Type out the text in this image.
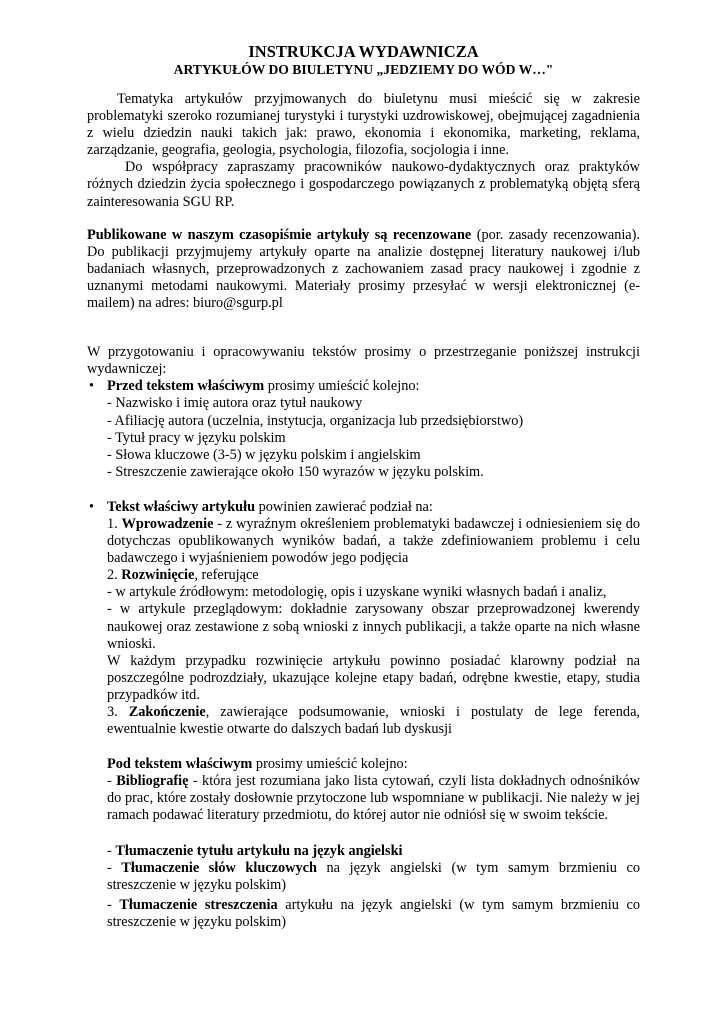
INSTRUKCJA WYDAWNICZA

ARTYKUŁÓW DO BIULETYNU „JEDZIEMY DO WÓD W…"

Tematyka artykułów przyjmowanych do biuletynu musi mieścić się w zakresie problematyki szeroko rozumianej turystyki i turystyki uzdrowiskowej, obejmującej zagadnienia z wielu dziedzin nauki takich jak: prawo, ekonomia i ekonomika, marketing, reklama, zarządzanie, geografia, geologia, psychologia, filozofia, socjologia i inne.

Do współpracy zapraszamy pracowników naukowo-dydaktycznych oraz praktyków różnych dziedzin życia społecznego i gospodarczego powiązanych z problematyką objętą sferą zainteresowania SGU RP.

Publikowane w naszym czasopiśmie artykuły są recenzowane (por. zasady recenzowania). Do publikacji przyjmujemy artykuły oparte na analizie dostępnej literatury naukowej i/lub badaniach własnych, przeprowadzonych z zachowaniem zasad pracy naukowej i zgodnie z uznanymi metodami naukowymi. Materiały prosimy przesyłać w wersji elektronicznej (e-mailem) na adres: biuro@sgurp.pl

W przygotowaniu i opracowywaniu tekstów prosimy o przestrzeganie poniższej instrukcji wydawniczej:

• Przed tekstem właściwym prosimy umieścić kolejno:

- Nazwisko i imię autora oraz tytuł naukowy

- Afiliację autora (uczelnia, instytucja, organizacja lub przedsiębiorstwo)

- Tytuł pracy w języku polskim

- Słowa kluczowe (3-5) w języku polskim i angielskim

- Streszczenie zawierające około 150 wyrazów w języku polskim.

• Tekst właściwy artykułu powinien zawierać podział na:

1. Wprowadzenie - z wyraźnym określeniem problematyki badawczej i odniesieniem się do dotychczas opublikowanych wyników badań, a także zdefiniowaniem problemu i celu badawczego i wyjaśnieniem powodów jego podjęcia

2. Rozwinięcie, referujące

- w artykule źródłowym: metodologię, opis i uzyskane wyniki własnych badań i analiz,

- w artykule przeglądowym: dokładnie zarysowany obszar przeprowadzonej kwerendy naukowej oraz zestawione z sobą wnioski z innych publikacji, a także oparte na nich własne wnioski.

W każdym przypadku rozwinięcie artykułu powinno posiadać klarowny podział na poszczególne podrozdziały, ukazujące kolejne etapy badań, odrębne kwestie, etapy, studia przypadków itd.

3. Zakończenie, zawierające podsumowanie, wnioski i postulaty de lege ferenda, ewentualnie kwestie otwarte do dalszych badań lub dyskusji

Pod tekstem właściwym prosimy umieścić kolejno:

- Bibliografię - która jest rozumiana jako lista cytowań, czyli lista dokładnych odnośników do prac, które zostały dosłownie przytoczone lub wspomniane w publikacji. Nie należy w jej ramach podawać literatury przedmiotu, do której autor nie odniósł się w swoim tekście.

- Tłumaczenie tytułu artykułu na język angielski

- Tłumaczenie słów kluczowych na język angielski (w tym samym brzmieniu co streszczenie w języku polskim)

- Tłumaczenie streszczenia artykułu na język angielski (w tym samym brzmieniu co streszczenie w języku polskim)
